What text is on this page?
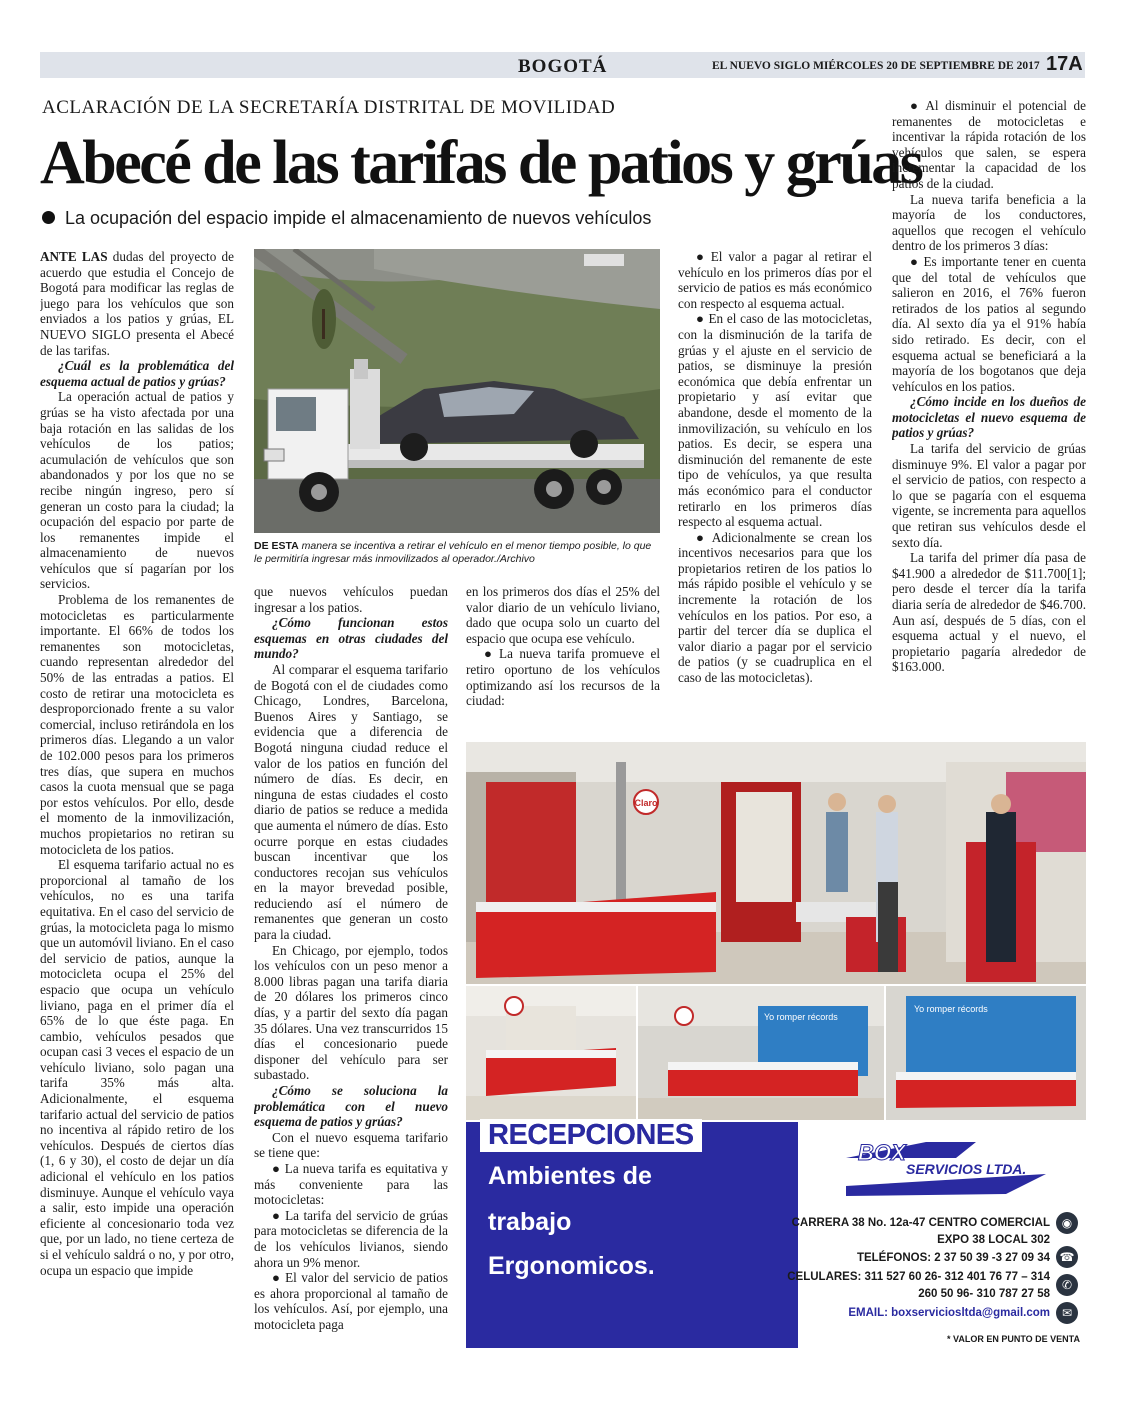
BOGOTÁ	EL NUEVO SIGLO MIÉRCOLES 20 DE SEPTIEMBRE DE 2017 17A
ACLARACIÓN DE LA SECRETARÍA DISTRITAL DE MOVILIDAD
Abecé de las tarifas de patios y grúas
La ocupación del espacio impide el almacenamiento de nuevos vehículos

ANTE LAS dudas del proyecto de acuerdo que estudia el Concejo de Bogotá para modificar las reglas de juego para los vehículos que son enviados a los patios y grúas, EL NUEVO SIGLO presenta el Abecé de las tarifas.

¿Cuál es la problemática del esquema actual de patios y grúas?

La operación actual de patios y grúas se ha visto afectada por una baja rotación en las salidas de los vehículos de los patios; acumulación de vehículos que son abandonados y por los que no se recibe ningún ingreso, pero sí generan un costo para la ciudad; la ocupación del espacio por parte de los remanentes impide el almacenamiento de nuevos vehículos que sí pagarían por los servicios.

Problema de los remanentes de motocicletas es particularmente importante. El 66% de todos los remanentes son motocicletas, cuando representan alrededor del 50% de las entradas a patios. El costo de retirar una motocicleta es desproporcionado frente a su valor comercial, incluso retirándola en los primeros días. Llegando a un valor de 102.000 pesos para los primeros tres días, que supera en muchos casos la cuota mensual que se paga por estos vehículos. Por ello, desde el momento de la inmovilización, muchos propietarios no retiran su motocicleta de los patios.

El esquema tarifario actual no es proporcional al tamaño de los vehículos, no es una tarifa equitativa. En el caso del servicio de grúas, la motocicleta paga lo mismo que un automóvil liviano. En el caso del servicio de patios, aunque la motocicleta ocupa el 25% del espacio que ocupa un vehículo liviano, paga en el primer día el 65% de lo que éste paga. En cambio, vehículos pesados que ocupan casi 3 veces el espacio de un vehículo liviano, solo pagan una tarifa 35% más alta. Adicionalmente, el esquema tarifario actual del servicio de patios no incentiva al rápido retiro de los vehículos. Después de ciertos días (1, 6 y 30), el costo de dejar un día adicional el vehículo en los patios disminuye. Aunque el vehículo vaya a salir, esto impide una operación eficiente al concesionario toda vez que, por un lado, no tiene certeza de si el vehículo saldrá o no, y por otro, ocupa un espacio que impide

que nuevos vehículos puedan ingresar a los patios.

¿Cómo funcionan estos esquemas en otras ciudades del mundo?

Al comparar el esquema tarifario de Bogotá con el de ciudades como Chicago, Londres, Barcelona, Buenos Aires y Santiago, se evidencia que a diferencia de Bogotá ninguna ciudad reduce el valor de los patios en función del número de días. Es decir, en ninguna de estas ciudades el costo diario de patios se reduce a medida que aumenta el número de días. Esto ocurre porque en estas ciudades buscan incentivar que los conductores recojan sus vehículos en la mayor brevedad posible, reduciendo así el número de remanentes que generan un costo para la ciudad.

En Chicago, por ejemplo, todos los vehículos con un peso menor a 8.000 libras pagan una tarifa diaria de 20 dólares los primeros cinco días, y a partir del sexto día pagan 35 dólares. Una vez transcurridos 15 días el concesionario puede disponer del vehículo para ser subastado.

¿Cómo se soluciona la problemática con el nuevo esquema de patios y grúas?

Con el nuevo esquema tarifario se tiene que:

● La nueva tarifa es equitativa y más conveniente para las motocicletas:

● La tarifa del servicio de grúas para motocicletas se diferencia de la de los vehículos livianos, siendo ahora un 9% menor.

● El valor del servicio de patios es ahora proporcional al tamaño de los vehículos. Así, por ejemplo, una motocicleta paga

en los primeros dos días el 25% del valor diario de un vehículo liviano, dado que ocupa solo un cuarto del espacio que ocupa ese vehículo.

● La nueva tarifa promueve el retiro oportuno de los vehículos optimizando así los recursos de la ciudad:

● El valor a pagar al retirar el vehículo en los primeros días por el servicio de patios es más económico con respecto al esquema actual.

● En el caso de las motocicletas, con la disminución de la tarifa de grúas y el ajuste en el servicio de patios, se disminuye la presión económica que debía enfrentar un propietario y así evitar que abandone, desde el momento de la inmovilización, su vehículo en los patios. Es decir, se espera una disminución del remanente de este tipo de vehículos, ya que resulta más económico para el conductor retirarlo en los primeros días respecto al esquema actual.

● Adicionalmente se crean los incentivos necesarios para que los propietarios retiren de los patios lo más rápido posible el vehículo y se incremente la rotación de los vehículos en los patios. Por eso, a partir del tercer día se duplica el valor diario a pagar por el servicio de patios (y se cuadruplica en el caso de las motocicletas).

● Al disminuir el potencial de remanentes de motocicletas e incentivar la rápida rotación de los vehículos que salen, se espera incrementar la capacidad de los patios de la ciudad.

La nueva tarifa beneficia a la mayoría de los conductores, aquellos que recogen el vehículo dentro de los primeros 3 días:

● Es importante tener en cuenta que del total de vehículos que salieron en 2016, el 76% fueron retirados de los patios al segundo día. Al sexto día ya el 91% había sido retirado. Es decir, con el esquema actual se beneficiará a la mayoría de los bogotanos que deja vehículos en los patios.

¿Cómo incide en los dueños de motocicletas el nuevo esquema de patios y grúas?

La tarifa del servicio de grúas disminuye 9%. El valor a pagar por el servicio de patios, con respecto a lo que se pagaría con el esquema vigente, se incrementa para aquellos que retiran sus vehículos desde el sexto día.

La tarifa del primer día pasa de $41.900 a alrededor de $11.700[1]; pero desde el tercer día la tarifa diaria sería de alrededor de $46.700. Aun así, después de 5 días, con el esquema actual y el nuevo, el propietario pagaría alrededor de $163.000.

DE ESTA manera se incentiva a retirar el vehículo en el menor tiempo posible, lo que le permitiría ingresar más inmovilizados al operador./Archivo
Claro
Yo romper récords
Yo romper récords
RECEPCIONES
Ambientes de
trabajo
Ergonomicos.
BOX
SERVICIOS LTDA.
CARRERA 38 No. 12a-47 CENTRO COMERCIAL ◉
EXPO 38 LOCAL 302
TELÉFONOS: 2 37 50 39 -3 27 09 34 ☎
CELULARES: 311 527 60 26- 312 401 76 77 – 314
✆
260 50 96- 310 787 27 58
EMAIL: boxserviciosltda@gmail.com ✉
* VALOR EN PUNTO DE VENTA
